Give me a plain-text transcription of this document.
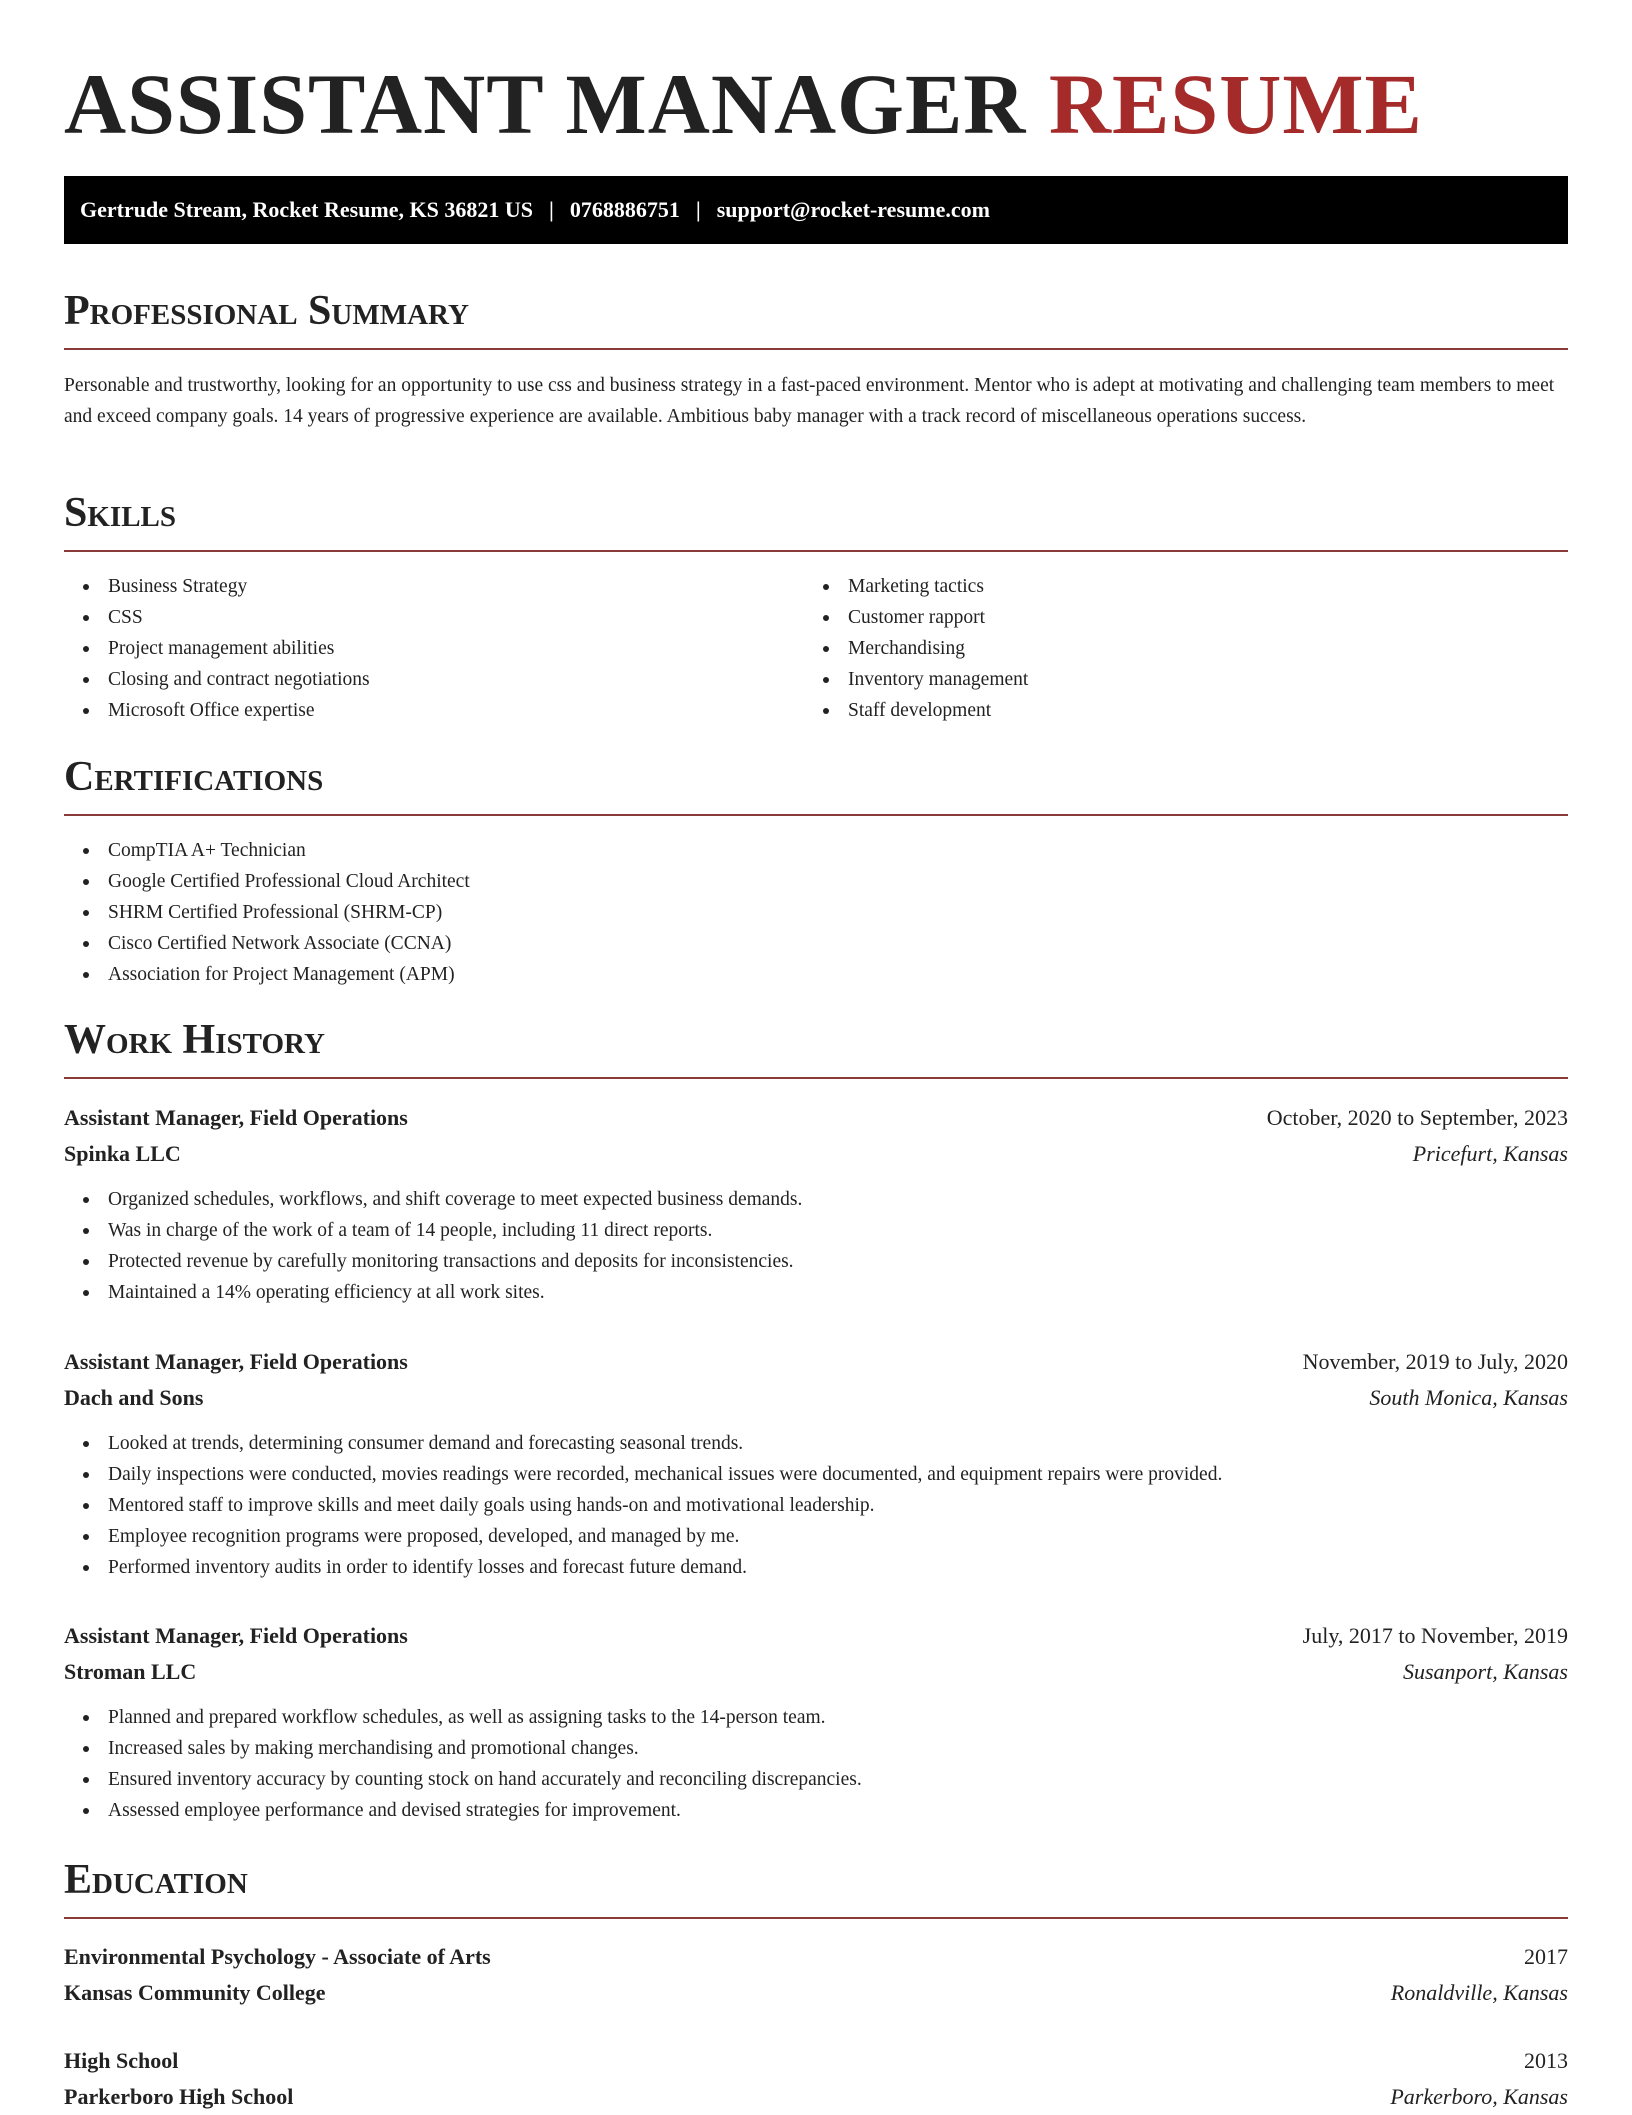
ASSISTANT MANAGER RESUME
Gertrude Stream, Rocket Resume, KS 36821 US | 0768886751 | support@rocket-resume.com
Professional Summary

Personable and trustworthy, looking for an opportunity to use css and business strategy in a fast-paced environment. Mentor who is adept at motivating and challenging team members to meet and exceed company goals. 14 years of progressive experience are available. Ambitious baby manager with a track record of miscellaneous operations success.

Skills
Business Strategy
CSS
Project management abilities
Closing and contract negotiations
Microsoft Office expertise
Marketing tactics
Customer rapport
Merchandising
Inventory management
Staff development
Certifications
CompTIA A+ Technician
Google Certified Professional Cloud Architect
SHRM Certified Professional (SHRM-CP)
Cisco Certified Network Associate (CCNA)
Association for Project Management (APM)
Work History
Assistant Manager, Field Operations	October, 2020 to September, 2023
Spinka LLC	Pricefurt, Kansas
Organized schedules, workflows, and shift coverage to meet expected business demands.
Was in charge of the work of a team of 14 people, including 11 direct reports.
Protected revenue by carefully monitoring transactions and deposits for inconsistencies.
Maintained a 14% operating efficiency at all work sites.
Assistant Manager, Field Operations	November, 2019 to July, 2020
Dach and Sons	South Monica, Kansas
Looked at trends, determining consumer demand and forecasting seasonal trends.
Daily inspections were conducted, movies readings were recorded, mechanical issues were documented, and equipment repairs were provided.
Mentored staff to improve skills and meet daily goals using hands-on and motivational leadership.
Employee recognition programs were proposed, developed, and managed by me.
Performed inventory audits in order to identify losses and forecast future demand.
Assistant Manager, Field Operations	July, 2017 to November, 2019
Stroman LLC	Susanport, Kansas
Planned and prepared workflow schedules, as well as assigning tasks to the 14-person team.
Increased sales by making merchandising and promotional changes.
Ensured inventory accuracy by counting stock on hand accurately and reconciling discrepancies.
Assessed employee performance and devised strategies for improvement.
Education
Environmental Psychology - Associate of Arts	2017
Kansas Community College	Ronaldville, Kansas
High School	2013
Parkerboro High School	Parkerboro, Kansas
